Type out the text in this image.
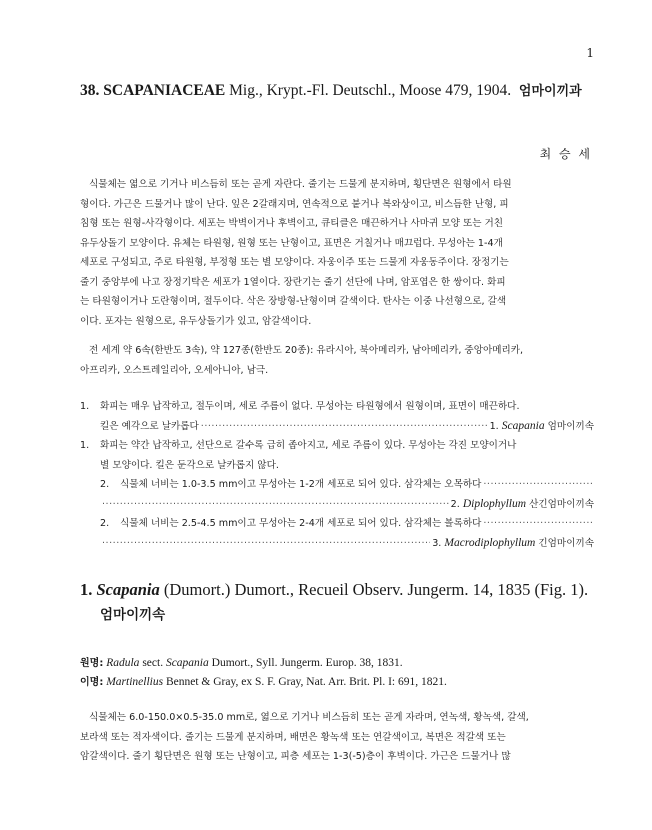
1
38. SCAPANIACEAE Mig., Krypt.-Fl. Deutschl., Moose 479, 1904. 엄마이끼과
최 승 세
식물체는 엷으로 기거나 비스듬히 또는 곧게 자란다. 줄기는 드물게 분지하며, 횡단면은 원형에서 타원
형이다. 가근은 드물거나 많이 난다. 잎은 2갈래지며, 연속적으로 붙거나 복와상이고, 비스듬한 난형, 피
침형 또는 원형-사각형이다. 세포는 박벽이거나 후벽이고, 큐티클은 매끈하거나 사마귀 모양 또는 거친
유두상돌기 모양이다. 유체는 타원형, 원형 또는 난형이고, 표면은 거칠거나 매끄럽다. 무성아는 1-4개
세포로 구성되고, 주로 타원형, 부정형 또는 별 모양이다. 자웅이주 또는 드물게 자웅동주이다. 장정기는
줄기 중앙부에 나고 장정기탁은 세포가 1열이다. 장란기는 줄기 선단에 나며, 암포엽은 한 쌍이다. 화피
는 타원형이거나 도란형이며, 절두이다. 삭은 장방형-난형이며 갈색이다. 탄사는 이중 나선형으로, 갈색
이다. 포자는 원형으로, 유두상돌기가 있고, 암갈색이다.
전 세계 약 6속(한반도 3속), 약 127종(한반도 20종): 유라시아, 북아메리카, 남아메리카, 중앙아메리카,
아프리카, 오스트레일리아, 오세아니아, 남극.
1.	화피는 매우 납작하고, 절두이며, 세로 주름이 없다. 무성아는 타원형에서 원형이며, 표면이 매끈하다.
킬은 예각으로 날카롭다
·····	1. Scapania 엄마이끼속
1.	화피는 약간 납작하고, 선단으로 갈수록 급히 좁아지고, 세로 주름이 있다. 무성아는 각진 모양이거나
별 모양이다. 킬은 둔각으로 날카롭지 않다.
2.	식물체 너비는 1.0-3.5 mm이고 무성아는 1-2개 세포로 되어 있다. 삼각체는 오목하다
·····
·····
2. Diplophyllum 산긴엄마이끼속
2.	식물체 너비는 2.5-4.5 mm이고 무성아는 2-4개 세포로 되어 있다. 삼각체는 볼록하다
·····
·····
3. Macrodiplophyllum 긴엄마이끼속
1. Scapania (Dumort.) Dumort., Recueil Observ. Jungerm. 14, 1835 (Fig. 1).
엄마이끼속
원명: Radula sect. Scapania Dumort., Syll. Jungerm. Europ. 38, 1831.
이명: Martinellius Bennet & Gray, ex S. F. Gray, Nat. Arr. Brit. Pl. I: 691, 1821.
식물체는 6.0-150.0×0.5-35.0 mm로, 엷으로 기거나 비스듬히 또는 곧게 자라며, 연녹색, 황녹색, 갈색,
보라색 또는 적자색이다. 줄기는 드물게 분지하며, 배면은 황녹색 또는 연갈색이고, 복면은 적갈색 또는
암갈색이다. 줄기 횡단면은 원형 또는 난형이고, 피층 세포는 1-3(-5)층이 후벽이다. 가근은 드물거나 많
